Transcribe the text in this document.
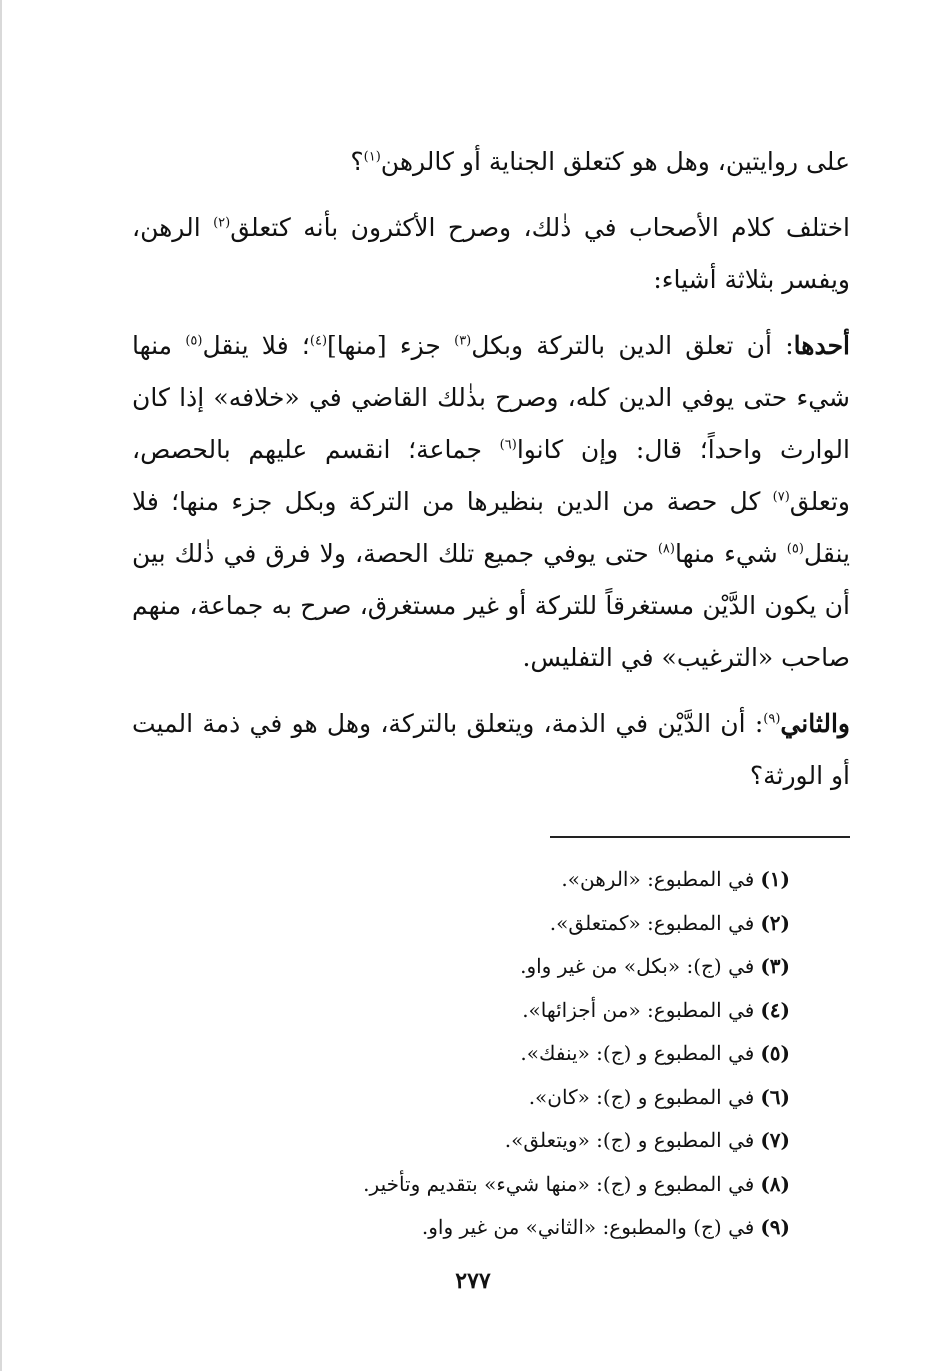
على روايتين، وهل هو كتعلق الجناية أو كالرهن$^{(١)}$؟

اختلف كلام الأصحاب في ذٰلك، وصرح الأكثرون بأنه كتعلق$^{(٢)}$ الرهن، ويفسر بثلاثة أشياء:

أحدها: أن تعلق الدين بالتركة وبكل$^{(٣)}$ جزء [منها]$^{(٤)}$؛ فلا ينقل$^{(٥)}$ منها شيء حتى يوفي الدين كله، وصرح بذٰلك القاضي في «خلافه» إذا كان الوارث واحداً؛ قال: وإن كانوا$^{(٦)}$ جماعة؛ انقسم عليهم بالحصص، وتعلق$^{(٧)}$ كل حصة من الدين بنظيرها من التركة وبكل جزء منها؛ فلا ينقل$^{(٥)}$ شيء منها$^{(٨)}$ حتى يوفي جميع تلك الحصة، ولا فرق في ذٰلك بين أن يكون الدَّيْن مستغرقاً للتركة أو غير مستغرق، صرح به جماعة، منهم صاحب «الترغيب» في التفليس.

والثاني$^{(٩)}$: أن الدَّيْن في الذمة، ويتعلق بالتركة، وهل هو في ذمة الميت أو الورثة؟

(١)في المطبوع: «الرهن».
(٢)في المطبوع: «كمتعلق».
(٣)في (ج): «بكل» من غير واو.
(٤)في المطبوع: «من أجزائها».
(٥)في المطبوع و (ج): «ينفك».
(٦)في المطبوع و (ج): «كان».
(٧)في المطبوع و (ج): «ويتعلق».
(٨)في المطبوع و (ج): «منها شيء» بتقديم وتأخير.
(٩)في (ج) والمطبوع: «الثاني» من غير واو.
٢٧٧
